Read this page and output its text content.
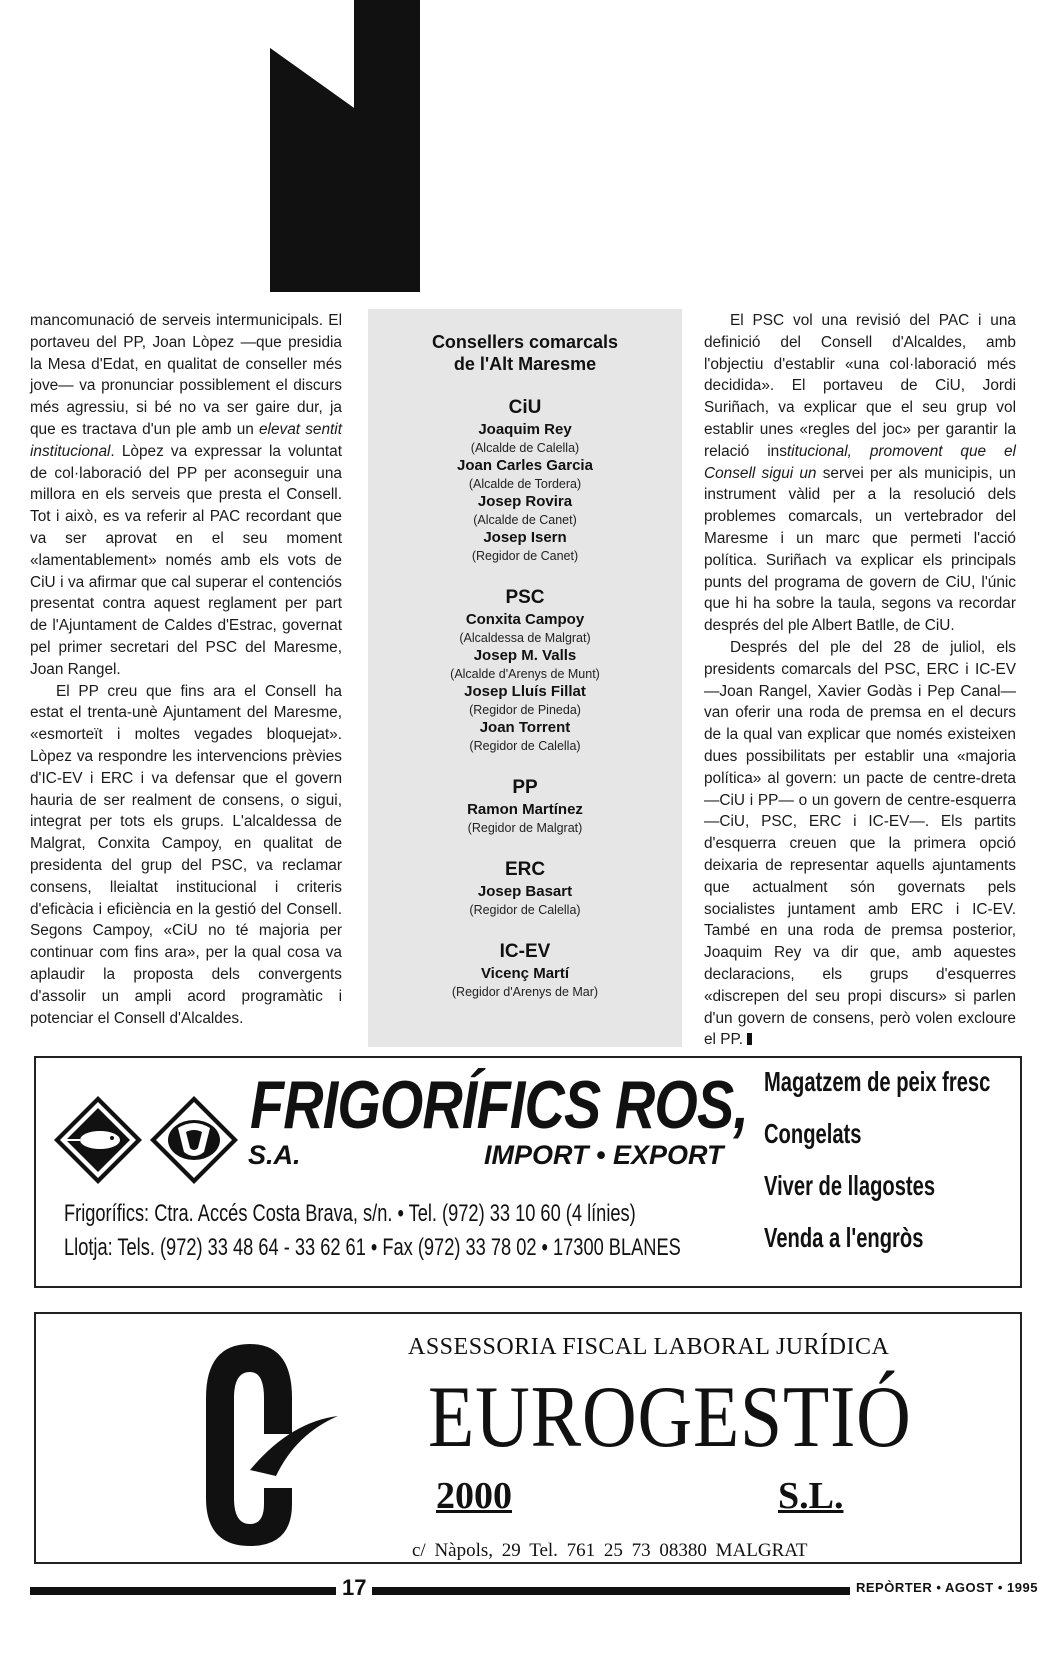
mancomunació de serveis intermunicipals. El portaveu del PP, Joan Lòpez —que presidia la Mesa d'Edat, en qualitat de conseller més jove— va pronunciar possiblement el discurs més agressiu, si bé no va ser gaire dur, ja que es tractava d'un ple amb un elevat sentit institucional. Lòpez va expressar la voluntat de col·laboració del PP per aconseguir una millora en els serveis que presta el Consell. Tot i això, es va referir al PAC recordant que va ser aprovat en el seu moment «lamentablement» només amb els vots de CiU i va afirmar que cal superar el contenciós presentat contra aquest reglament per part de l'Ajuntament de Caldes d'Estrac, governat pel primer secretari del PSC del Maresme, Joan Rangel.

El PP creu que fins ara el Consell ha estat el trenta-unè Ajuntament del Maresme, «esmorteït i moltes vegades bloquejat». Lòpez va respondre les intervencions prèvies d'IC-EV i ERC i va defensar que el govern hauria de ser realment de consens, o sigui, integrat per tots els grups. L'alcaldessa de Malgrat, Conxita Campoy, en qualitat de presidenta del grup del PSC, va reclamar consens, lleialtat institucional i criteris d'eficàcia i eficiència en la gestió del Consell. Segons Campoy, «CiU no té majoria per continuar com fins ara», per la qual cosa va aplaudir la proposta dels convergents d'assolir un ampli acord programàtic i potenciar el Consell d'Alcaldes.

Consellers comarcals
de l'Alt Maresme
CiU
Joaquim Rey
(Alcalde de Calella)
Joan Carles Garcia
(Alcalde de Tordera)
Josep Rovira
(Alcalde de Canet)
Josep Isern
(Regidor de Canet)
PSC
Conxita Campoy
(Alcaldessa de Malgrat)
Josep M. Valls
(Alcalde d'Arenys de Munt)
Josep Lluís Fillat
(Regidor de Pineda)
Joan Torrent
(Regidor de Calella)
PP
Ramon Martínez
(Regidor de Malgrat)
ERC
Josep Basart
(Regidor de Calella)
IC-EV
Vicenç Martí
(Regidor d'Arenys de Mar)

El PSC vol una revisió del PAC i una definició del Consell d'Alcaldes, amb l'objectiu d'establir «una col·laboració més decidida». El portaveu de CiU, Jordi Suriñach, va explicar que el seu grup vol establir unes «regles del joc» per garantir la relació institucional, promovent que el Consell sigui un servei per als municipis, un instrument vàlid per a la resolució dels problemes comarcals, un vertebrador del Maresme i un marc que permeti l'acció política. Suriñach va explicar els principals punts del programa de govern de CiU, l'únic que hi ha sobre la taula, segons va recordar després del ple Albert Batlle, de CiU.

Després del ple del 28 de juliol, els presidents comarcals del PSC, ERC i IC-EV —Joan Rangel, Xavier Godàs i Pep Canal— van oferir una roda de premsa en el decurs de la qual van explicar que només existeixen dues possibilitats per establir una «majoria política» al govern: un pacte de centre-dreta —CiU i PP— o un govern de centre-esquerra —CiU, PSC, ERC i IC-EV—. Els partits d'esquerra creuen que la primera opció deixaria de representar aquells ajuntaments que actualment són governats pels socialistes juntament amb ERC i IC-EV. També en una roda de premsa posterior, Joaquim Rey va dir que, amb aquestes declaracions, els grups d'esquerres «discrepen del seu propi discurs» si parlen d'un govern de consens, però volen excloure el PP.

FRIGORÍFICS ROS,
S.A.	IMPORT • EXPORT
Magatzem de peix fresc
Congelats
Viver de llagostes
Venda a l'engròs
Frigorífics: Ctra. Accés Costa Brava, s/n. • Tel. (972) 33 10 60 (4 línies)
Llotja: Tels. (972) 33 48 64 - 33 62 61 • Fax (972) 33 78 02 • 17300 BLANES
ASSESSORIA FISCAL LABORAL JURÍDICA
EUROGESTIÓ
2000	S.L.
c/ Nàpols, 29 Tel. 761 25 73 08380 MALGRAT
17	REPÒRTER • AGOST • 1995
